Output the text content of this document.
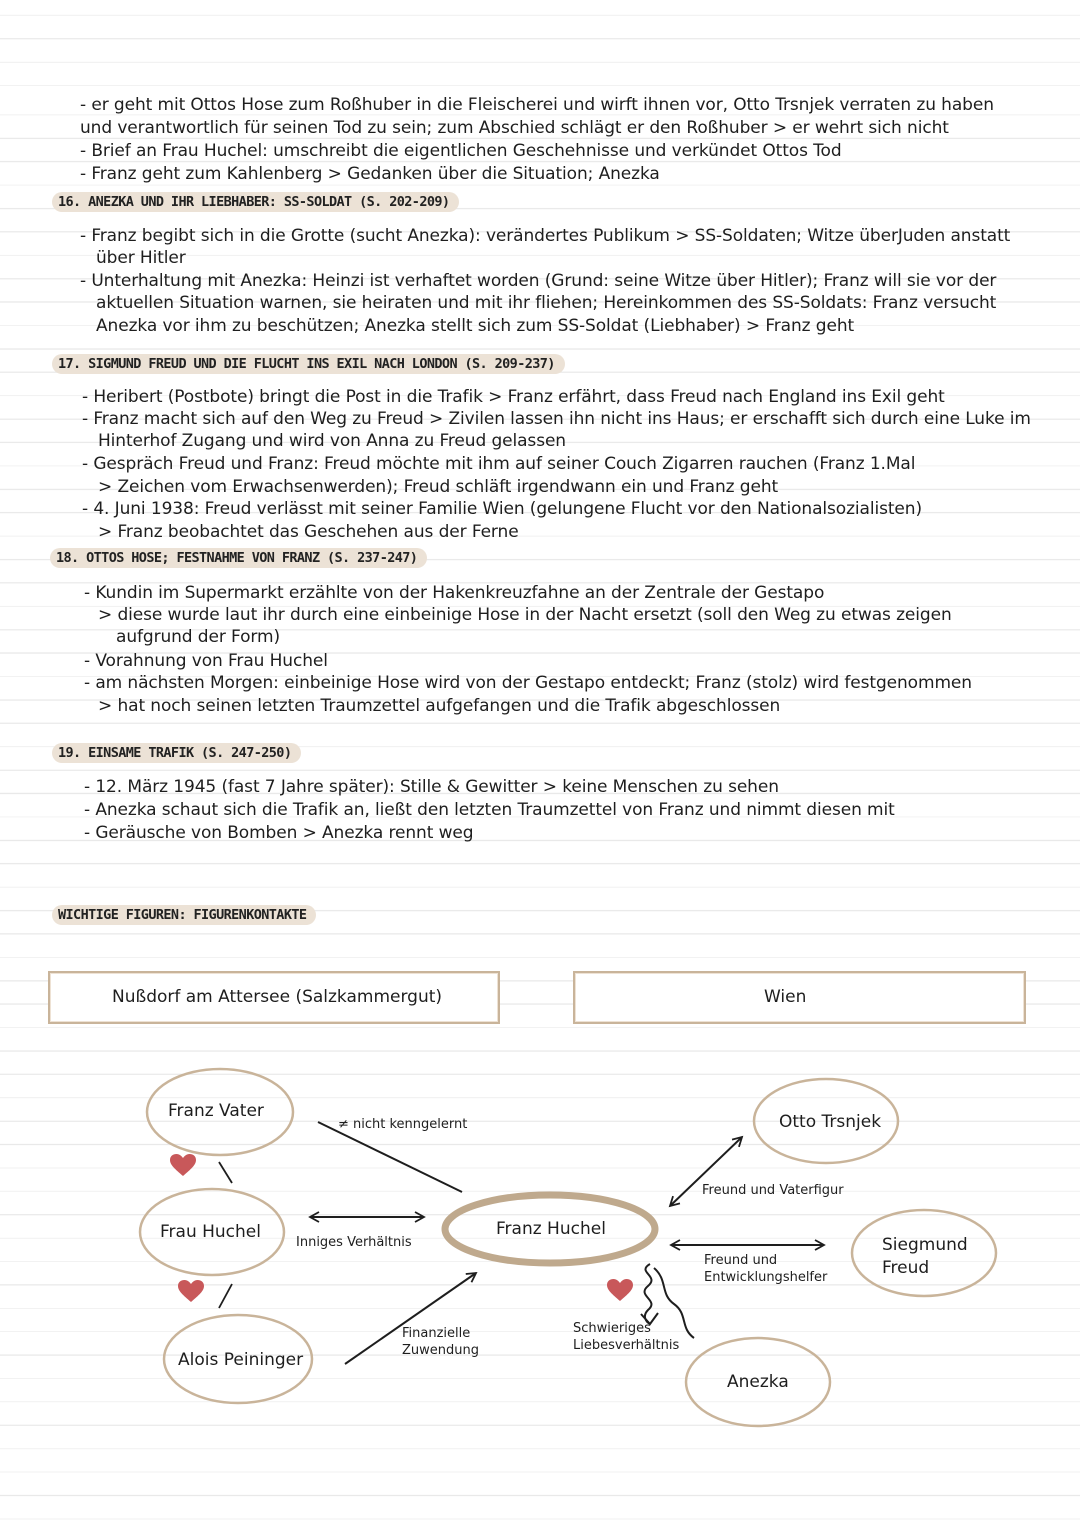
- er geht mit Ottos Hose zum Roßhuber in die Fleischerei und wirft ihnen vor, Otto Trsnjek verraten zu haben
und verantwortlich für seinen Tod zu sein; zum Abschied schlägt er den Roßhuber > er wehrt sich nicht
- Brief an Frau Huchel: umschreibt die eigentlichen Geschehnisse und verkündet Ottos Tod
- Franz geht zum Kahlenberg > Gedanken über die Situation; Anezka
16. ANEZKA UND IHR LIEBHABER: SS-SOLDAT (S. 202-209)
- Franz begibt sich in die Grotte (sucht Anezka): verändertes Publikum > SS-Soldaten; Witze überJuden anstatt
über Hitler
- Unterhaltung mit Anezka: Heinzi ist verhaftet worden (Grund: seine Witze über Hitler); Franz will sie vor der
aktuellen Situation warnen, sie heiraten und mit ihr fliehen; Hereinkommen des SS-Soldats: Franz versucht
Anezka vor ihm zu beschützen; Anezka stellt sich zum SS-Soldat (Liebhaber) > Franz geht
17. SIGMUND FREUD UND DIE FLUCHT INS EXIL NACH LONDON (S. 209-237)
- Heribert (Postbote) bringt die Post in die Trafik > Franz erfährt, dass Freud nach England ins Exil geht
- Franz macht sich auf den Weg zu Freud > Zivilen lassen ihn nicht ins Haus; er erschafft sich durch eine Luke im
Hinterhof Zugang und wird von Anna zu Freud gelassen
- Gespräch Freud und Franz: Freud möchte mit ihm auf seiner Couch Zigarren rauchen (Franz 1.Mal
> Zeichen vom Erwachsenwerden); Freud schläft irgendwann ein und Franz geht
- 4. Juni 1938: Freud verlässt mit seiner Familie Wien (gelungene Flucht vor den Nationalsozialisten)
> Franz beobachtet das Geschehen aus der Ferne
18. OTTOS HOSE; FESTNAHME VON FRANZ (S. 237-247)
- Kundin im Supermarkt erzählte von der Hakenkreuzfahne an der Zentrale der Gestapo
> diese wurde laut ihr durch eine einbeinige Hose in der Nacht ersetzt (soll den Weg zu etwas zeigen
aufgrund der Form)
- Vorahnung von Frau Huchel
- am nächsten Morgen: einbeinige Hose wird von der Gestapo entdeckt; Franz (stolz) wird festgenommen
> hat noch seinen letzten Traumzettel aufgefangen und die Trafik abgeschlossen
19. EINSAME TRAFIK (S. 247-250)
- 12. März 1945 (fast 7 Jahre später): Stille & Gewitter > keine Menschen zu sehen
- Anezka schaut sich die Trafik an, ließt den letzten Traumzettel von Franz und nimmt diesen mit
- Geräusche von Bomben > Anezka rennt weg
WICHTIGE FIGUREN: FIGURENKONTAKTE
Nußdorf am Attersee (Salzkammergut)	Wien
Franz Vater
Frau Huchel
Alois Peininger
Franz Huchel
Otto Trsnjek
Siegmund
Freud
Anezka
≠ nicht kenngelernt
Inniges Verhältnis
Finanzielle
Zuwendung
Freund und Vaterfigur
Freund und
Entwicklungshelfer
Schwieriges
Liebesverhältnis
